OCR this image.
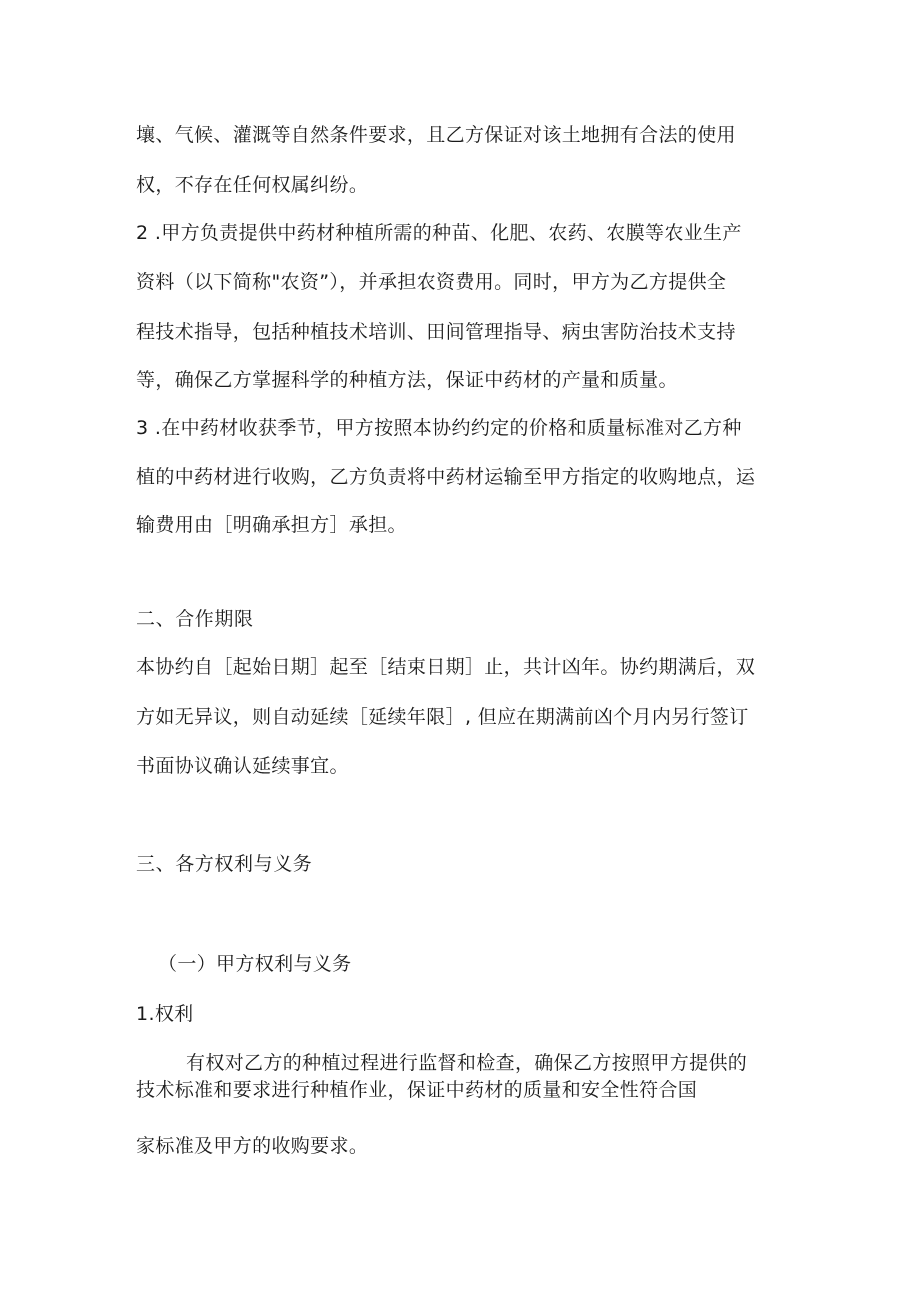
壤、气候、灌溉等自然条件要求，且乙方保证对该土地拥有合法的使用
权，不存在任何权属纠纷。
2 .甲方负责提供中药材种植所需的种苗、化肥、农药、农膜等农业生产
资料（以下简称"农资”），并承担农资费用。同时，甲方为乙方提供全
程技术指导，包括种植技术培训、田间管理指导、病虫害防治技术支持
等，确保乙方掌握科学的种植方法，保证中药材的产量和质量。
3 .在中药材收获季节，甲方按照本协约约定的价格和质量标准对乙方种
植的中药材进行收购，乙方负责将中药材运输至甲方指定的收购地点，运
输费用由［明确承担方］承担。
二、合作期限
本协约自［起始日期］起至［结束日期］止，共计凶年。协约期满后，双
方如无异议，则自动延续［延续年限］, 但应在期满前凶个月内另行签订
书面协议确认延续事宜。
三、各方权利与义务
（一）甲方权利与义务
1.权利
有权对乙方的种植过程进行监督和检查，确保乙方按照甲方提供的
技术标准和要求进行种植作业，保证中药材的质量和安全性符合国
家标准及甲方的收购要求。
